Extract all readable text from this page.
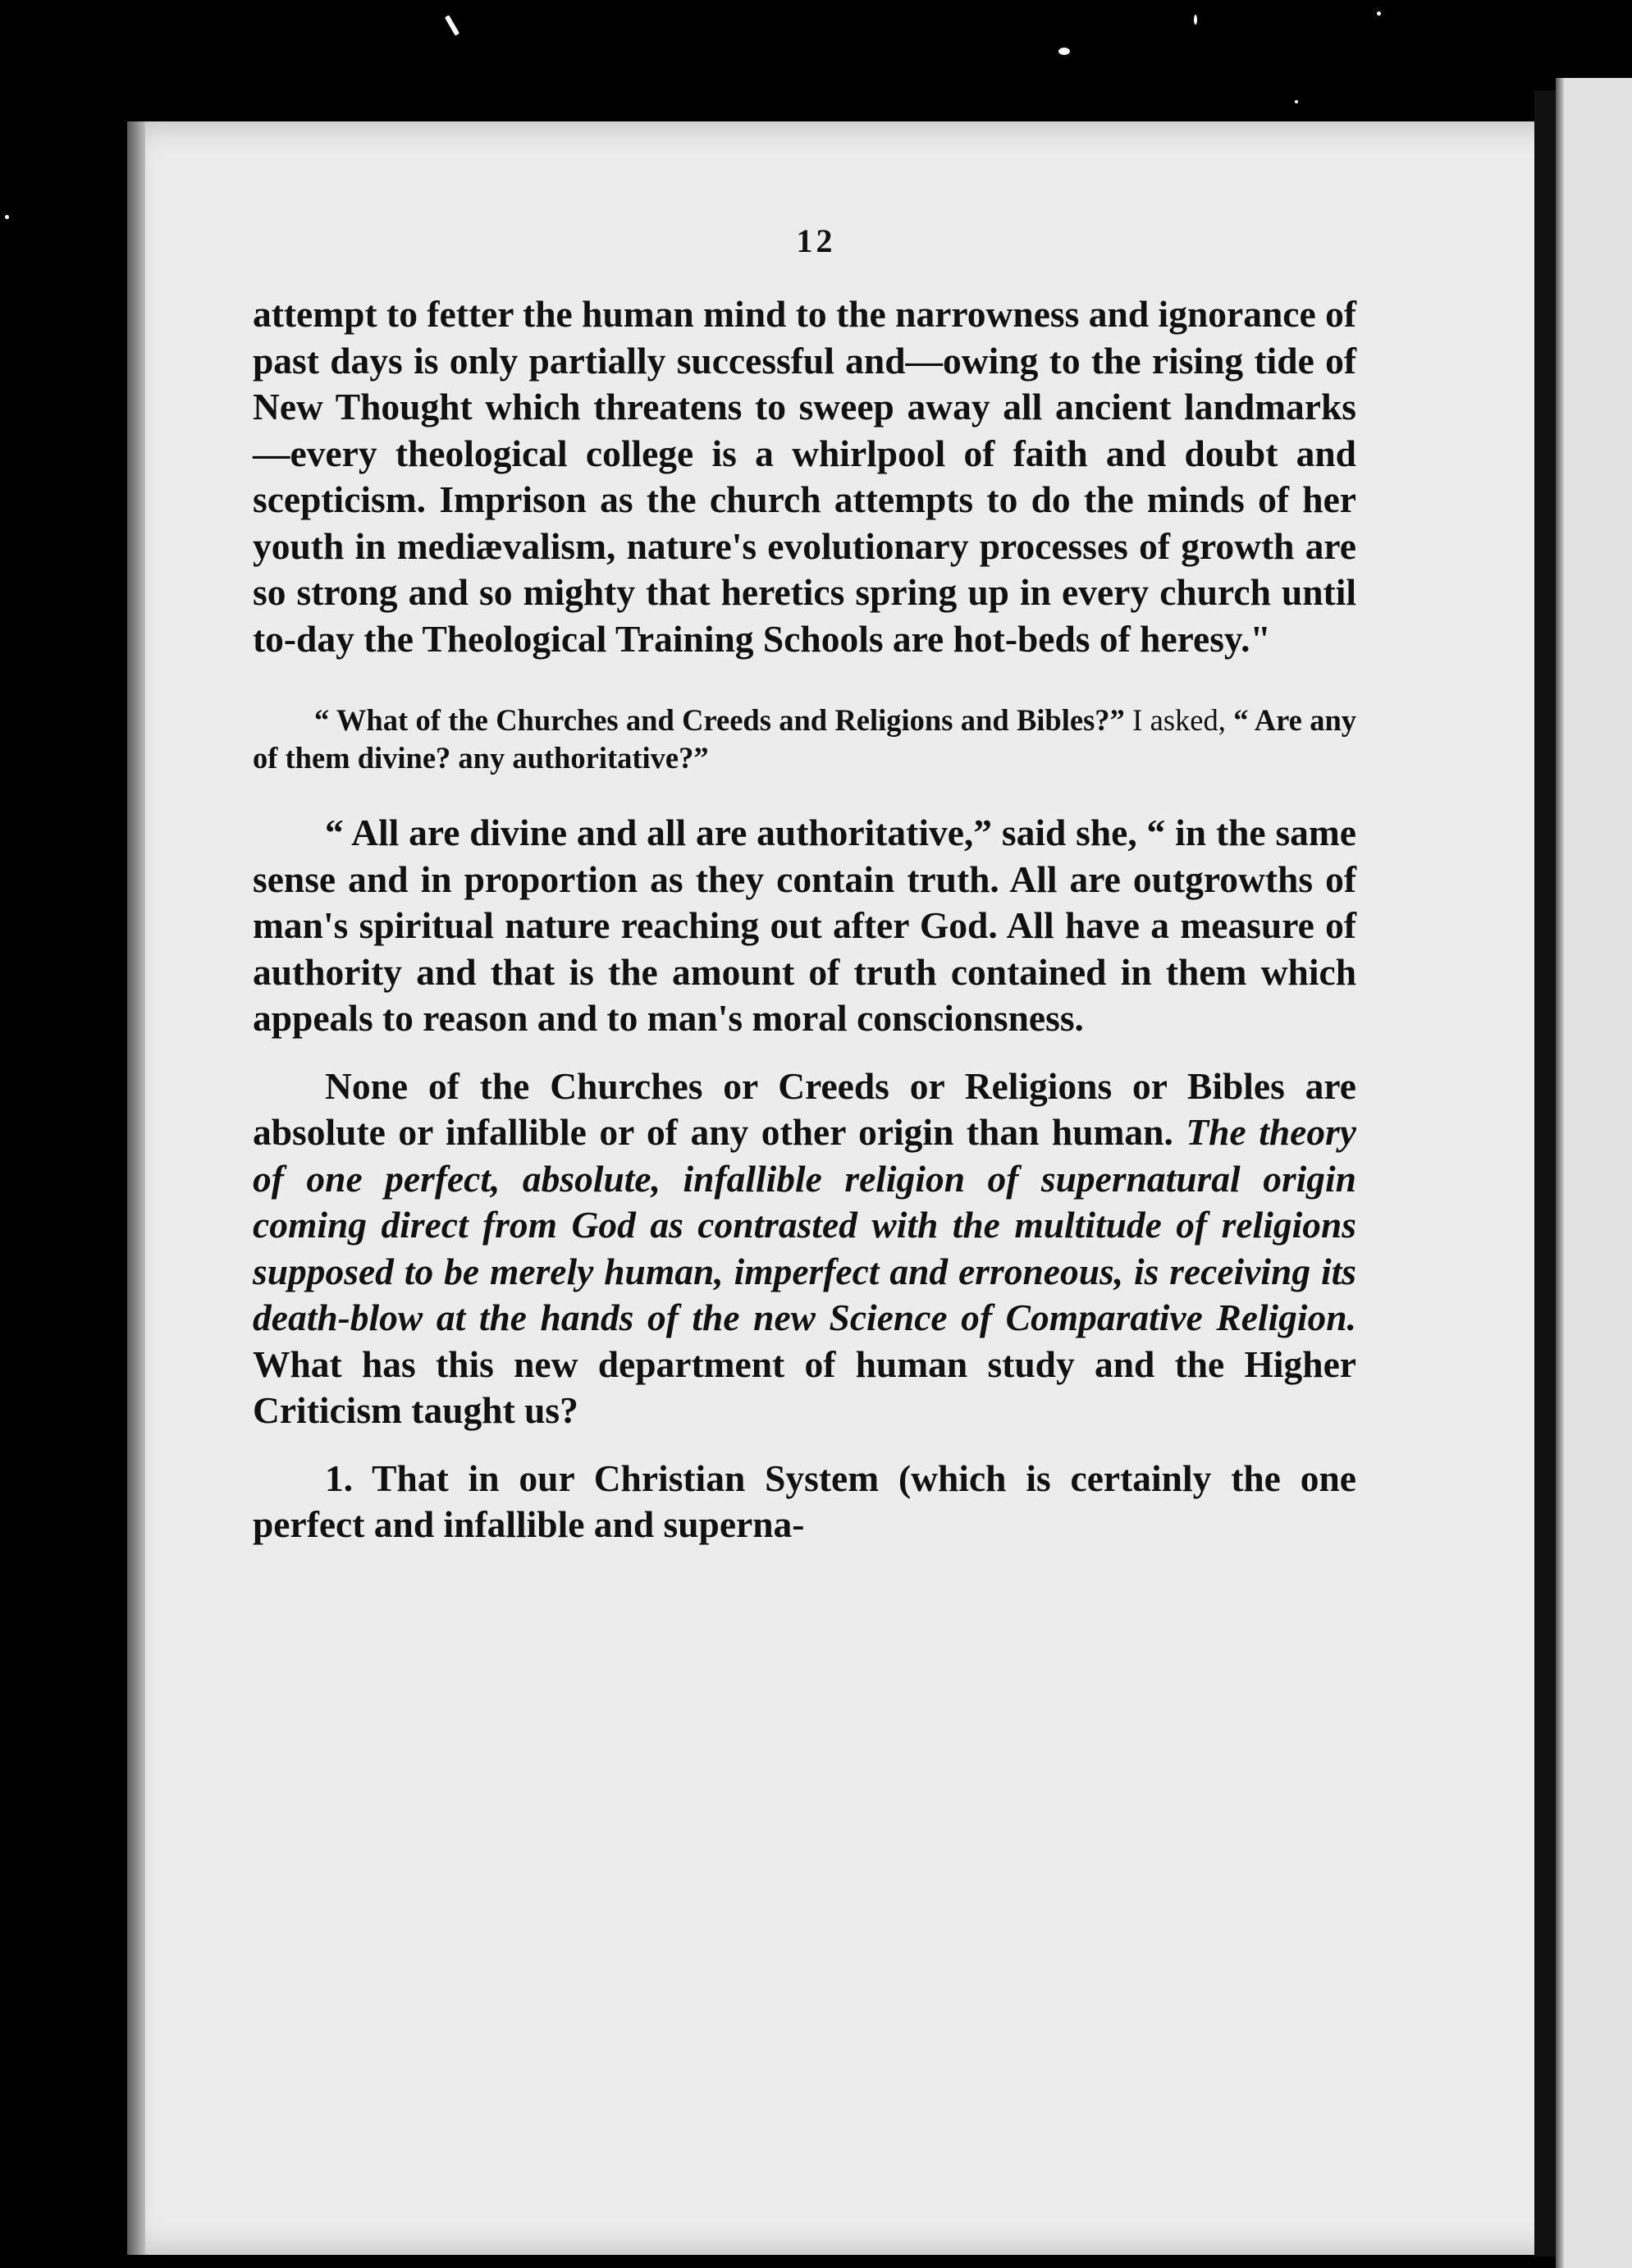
12

attempt to fetter the human mind to the narrowness and ignorance of past days is only partially successful and—owing to the rising tide of New Thought which threatens to sweep away all ancient landmarks—every theological college is a whirlpool of faith and doubt and scepticism. Imprison as the church attempts to do the minds of her youth in mediævalism, nature's evolutionary processes of growth are so strong and so mighty that heretics spring up in every church until to-day the Theological Training Schools are hot-beds of heresy."

“ What of the Churches and Creeds and Religions and Bibles?” I asked, “ Are any of them divine? any authoritative?”

“ All are divine and all are authoritative,” said she, “ in the same sense and in proportion as they contain truth. All are outgrowths of man's spiritual nature reaching out after God. All have a measure of authority and that is the amount of truth contained in them which appeals to reason and to man's moral conscionsness.

None of the Churches or Creeds or Religions or Bibles are absolute or infallible or of any other origin than human. The theory of one perfect, absolute, infallible religion of supernatural origin coming direct from God as contrasted with the multitude of religions supposed to be merely human, imperfect and erroneous, is receiving its death-blow at the hands of the new Science of Comparative Religion. What has this new department of human study and the Higher Criticism taught us?

1. That in our Christian System (which is certainly the one perfect and infallible and superna-
